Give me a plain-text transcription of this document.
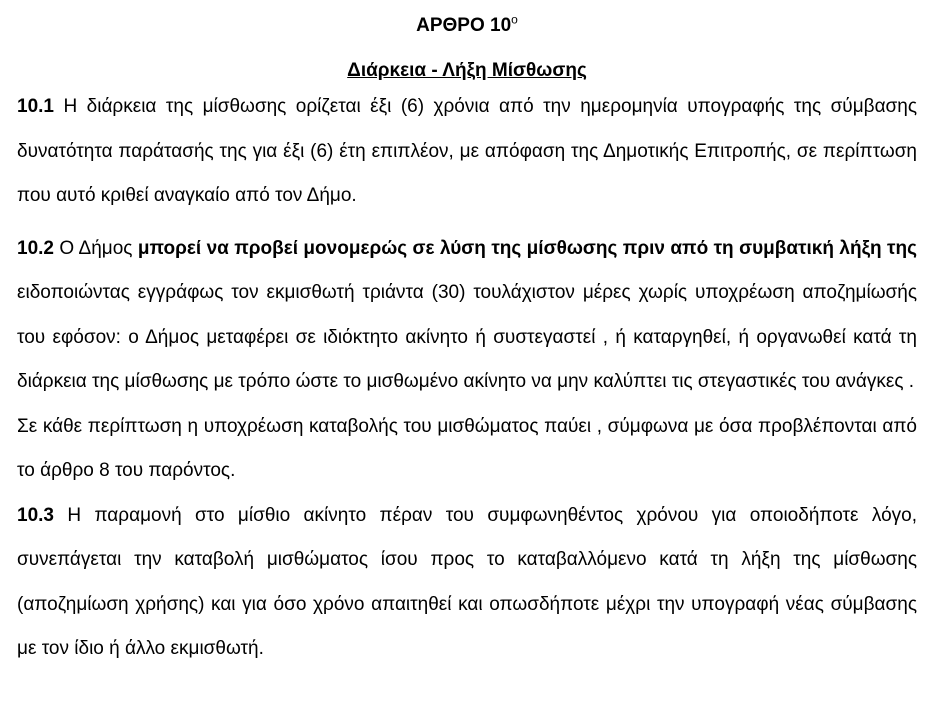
ΑΡΘΡΟ $10^o$
Διάρκεια - Λήξη Μίσθωσης

10.1 Η διάρκεια της μίσθωσης ορίζεται έξι (6) χρόνια από την ημερομηνία υπογραφής της σύμβασης δυνατότητα παράτασής της για έξι (6) έτη επιπλέον, με απόφαση της Δημοτικής Επιτροπής, σε περίπτωση που αυτό κριθεί αναγκαίο από τον Δήμο.

10.2 Ο Δήμος μπορεί να προβεί μονομερώς σε λύση της μίσθωσης πριν από τη συμβατική λήξη της ειδοποιώντας εγγράφως τον εκμισθωτή τριάντα (30) τουλάχιστον μέρες χωρίς υποχρέωση αποζημίωσής του εφόσον: ο Δήμος μεταφέρει σε ιδιόκτητο ακίνητο ή συστεγαστεί , ή καταργηθεί, ή οργανωθεί κατά τη διάρκεια της μίσθωσης με τρόπο ώστε το μισθωμένο ακίνητο να μην καλύπτει τις στεγαστικές του ανάγκες .

Σε κάθε περίπτωση η υποχρέωση καταβολής του μισθώματος παύει , σύμφωνα με όσα προβλέπονται από το άρθρο 8 του παρόντος.

10.3 Η παραμονή στο μίσθιο ακίνητο πέραν του συμφωνηθέντος χρόνου για οποιοδήποτε λόγο, συνεπάγεται την καταβολή μισθώματος ίσου προς το καταβαλλόμενο κατά τη λήξη της μίσθωσης (αποζημίωση χρήσης) και για όσο χρόνο απαιτηθεί και οπωσδήποτε μέχρι την υπογραφή νέας σύμβασης με τον ίδιο ή άλλο εκμισθωτή.
